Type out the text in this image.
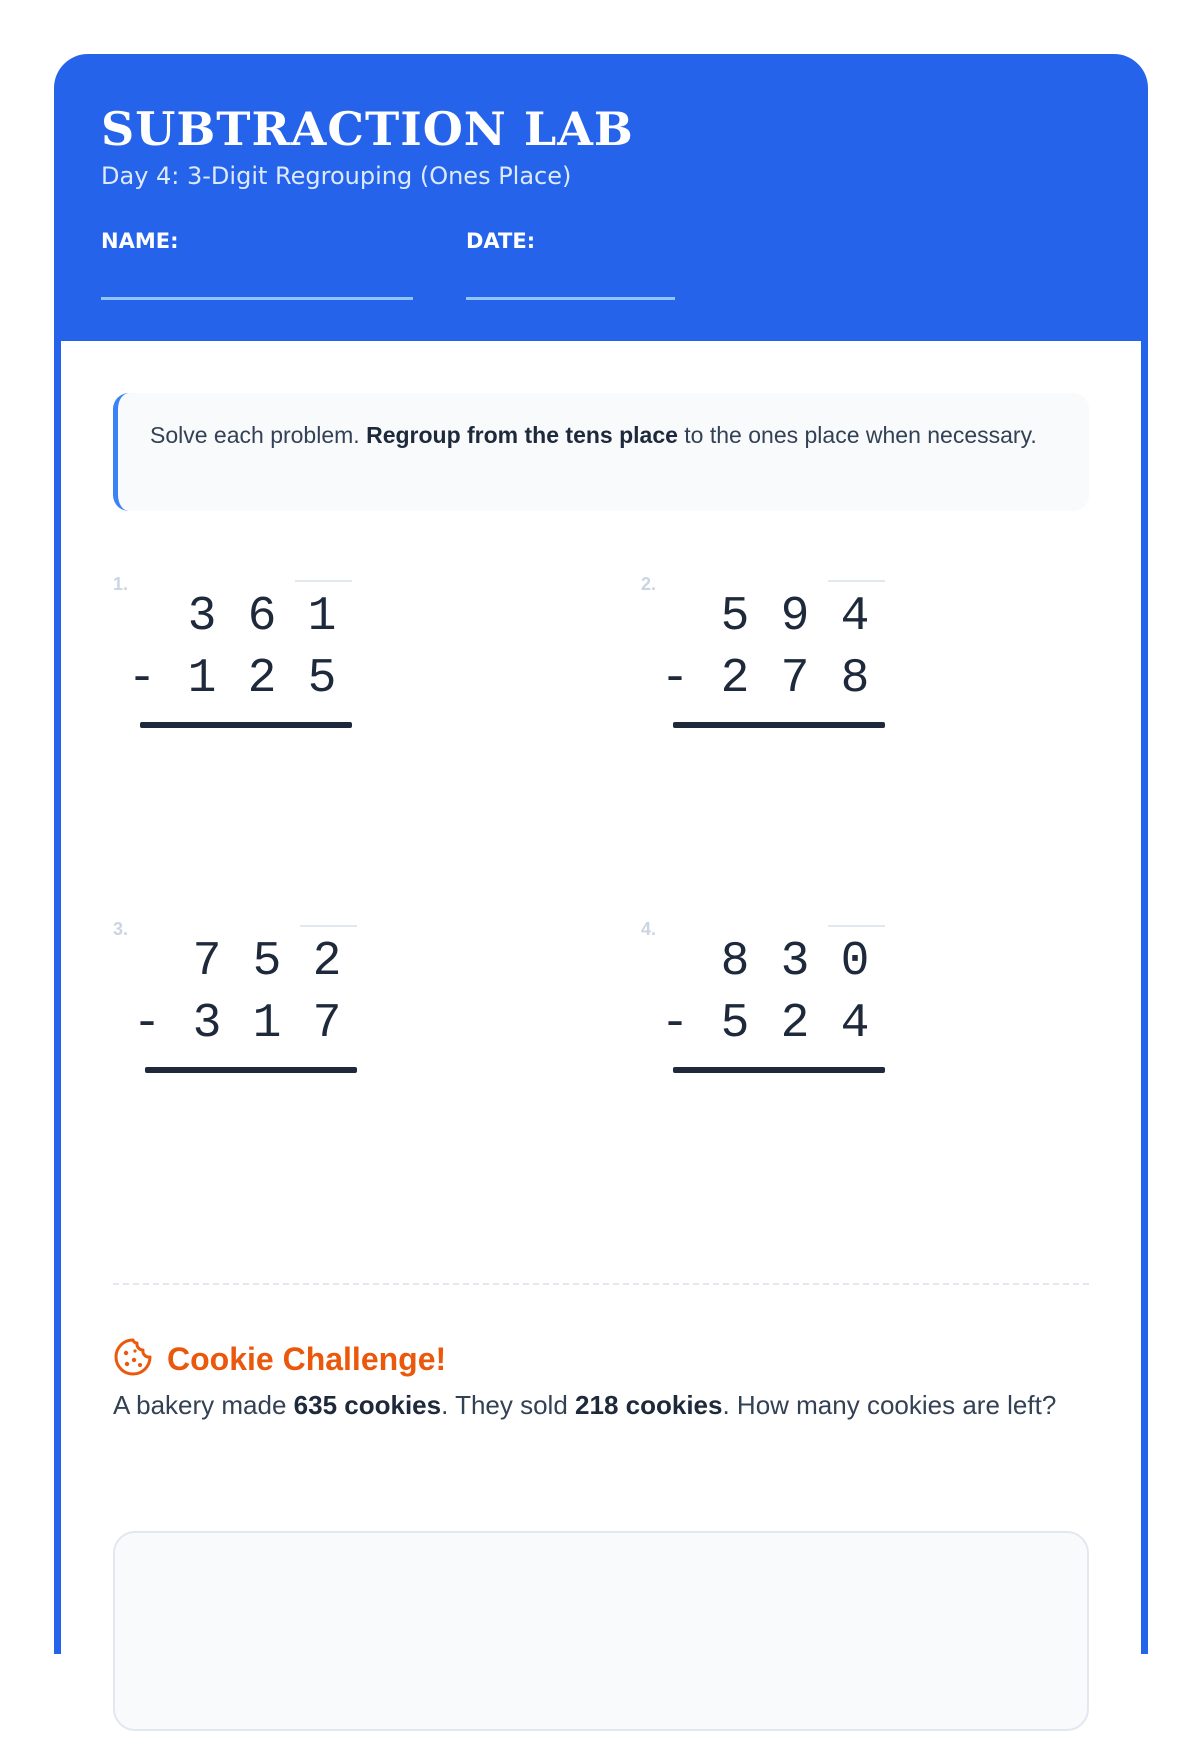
SUBTRACTION LAB
Day 4: 3-Digit Regrouping (Ones Place)
NAME:	DATE:
Solve each problem. Regroup from the tens place to the ones place when necessary.
1.
3 6 1
- 1 2 5
2.
5 9 4
- 2 7 8
3.
7 5 2
- 3 1 7
4.
8 3 0
- 5 2 4
Cookie Challenge!
A bakery made 635 cookies. They sold 218 cookies. How many cookies are left?
